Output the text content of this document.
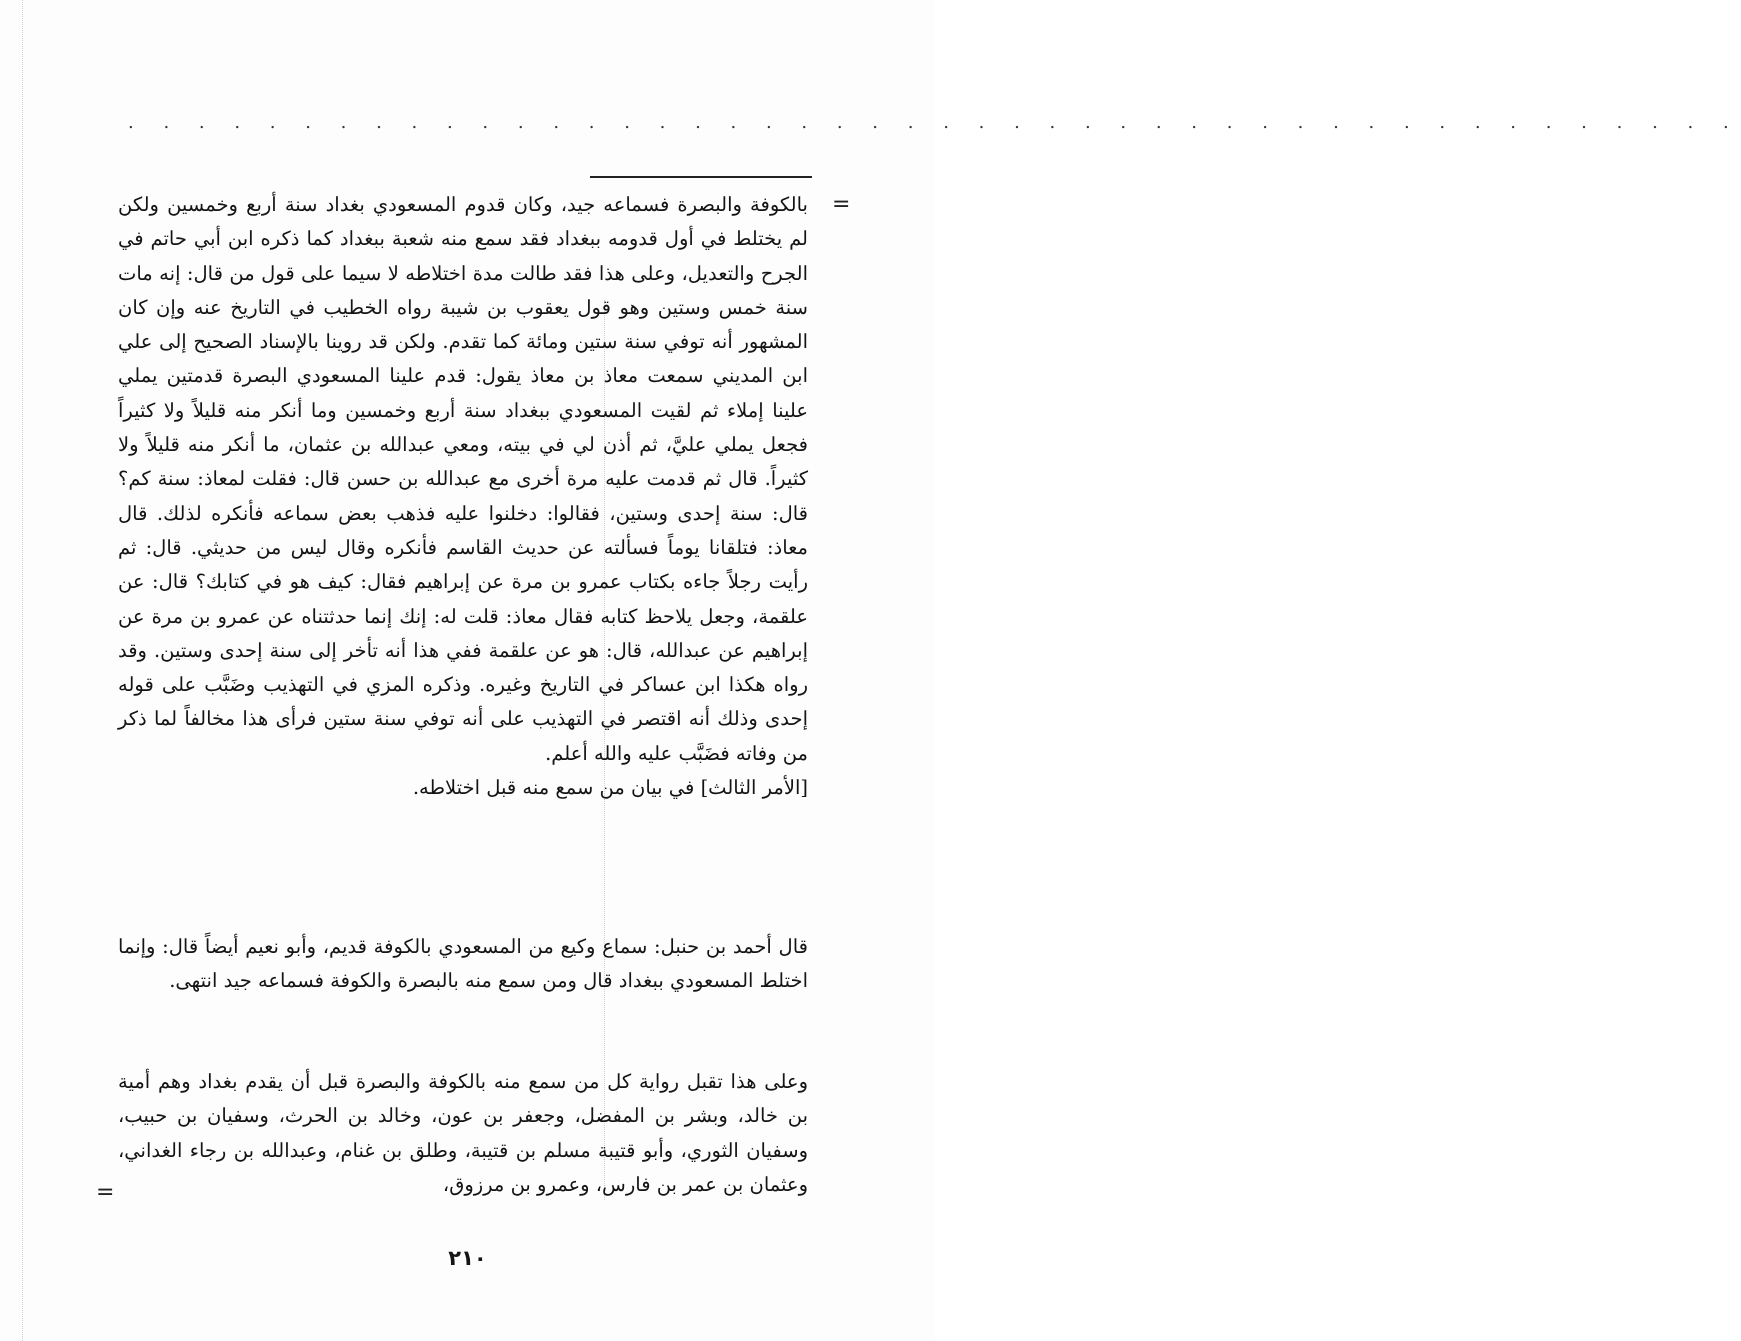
. . . . . . . . . . . . . . . . . . . . . . . . . . . . . . . . . . . . . . . . . . . . . .
=

بالكوفة والبصرة فسماعه جيد، وكان قدوم المسعودي بغداد سنة أربع وخمسين ولكن لم يختلط في أول قدومه ببغداد فقد سمع منه شعبة ببغداد كما ذكره ابن أبي حاتم في الجرح والتعديل، وعلى هذا فقد طالت مدة اختلاطه لا سيما على قول من قال: إنه مات سنة خمس وستين وهو قول يعقوب بن شيبة رواه الخطيب في التاريخ عنه وإن كان المشهور أنه توفي سنة ستين ومائة كما تقدم. ولكن قد روينا بالإسناد الصحيح إلى علي ابن المديني سمعت معاذ بن معاذ يقول: قدم علينا المسعودي البصرة قدمتين يملي علينا إملاء ثم لقيت المسعودي ببغداد سنة أربع وخمسين وما أنكر منه قليلاً ولا كثيراً فجعل يملي عليَّ، ثم أذن لي في بيته، ومعي عبدالله بن عثمان، ما أنكر منه قليلاً ولا كثيراً. قال ثم قدمت عليه مرة أخرى مع عبدالله بن حسن قال: فقلت لمعاذ: سنة كم؟ قال: سنة إحدى وستين، فقالوا: دخلنوا عليه فذهب بعض سماعه فأنكره لذلك. قال معاذ: فتلقانا يوماً فسألته عن حديث القاسم فأنكره وقال ليس من حديثي. قال: ثم رأيت رجلاً جاءه بكتاب عمرو بن مرة عن إبراهيم فقال: كيف هو في كتابك؟ قال: عن علقمة، وجعل يلاحظ كتابه فقال معاذ: قلت له: إنك إنما حدثتناه عن عمرو بن مرة عن إبراهيم عن عبدالله، قال: هو عن علقمة ففي هذا أنه تأخر إلى سنة إحدى وستين. وقد رواه هكذا ابن عساكر في التاريخ وغيره. وذكره المزي في التهذيب وضَبَّب على قوله إحدى وذلك أنه اقتصر في التهذيب على أنه توفي سنة ستين فرأى هذا مخالفاً لما ذكر من وفاته فضَبَّب عليه والله أعلم.

[الأمر الثالث] في بيان من سمع منه قبل اختلاطه.

قال أحمد بن حنبل: سماع وكيع من المسعودي بالكوفة قديم، وأبو نعيم أيضاً قال: وإنما اختلط المسعودي ببغداد قال ومن سمع منه بالبصرة والكوفة فسماعه جيد انتهى.

وعلى هذا تقبل رواية كل من سمع منه بالكوفة والبصرة قبل أن يقدم بغداد وهم أمية بن خالد، وبشر بن المفضل، وجعفر بن عون، وخالد بن الحرث، وسفيان بن حبيب، وسفيان الثوري، وأبو قتيبة مسلم بن قتيبة، وطلق بن غنام، وعبدالله بن رجاء الغداني، وعثمان بن عمر بن فارس، وعمرو بن مرزوق،

=
٢١٠
